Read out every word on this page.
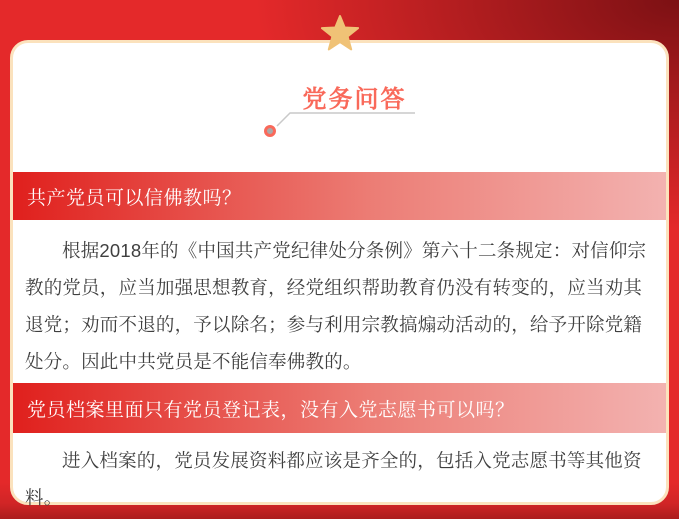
党务问答
共产党员可以信佛教吗？

根据2018年的《中国共产党纪律处分条例》第六十二条规定：对信仰宗教的党员，应当加强思想教育，经党组织帮助教育仍没有转变的，应当劝其退党；劝而不退的，予以除名；参与利用宗教搞煽动活动的，给予开除党籍处分。因此中共党员是不能信奉佛教的。

党员档案里面只有党员登记表，没有入党志愿书可以吗？

进入档案的，党员发展资料都应该是齐全的，包括入党志愿书等其他资料。
